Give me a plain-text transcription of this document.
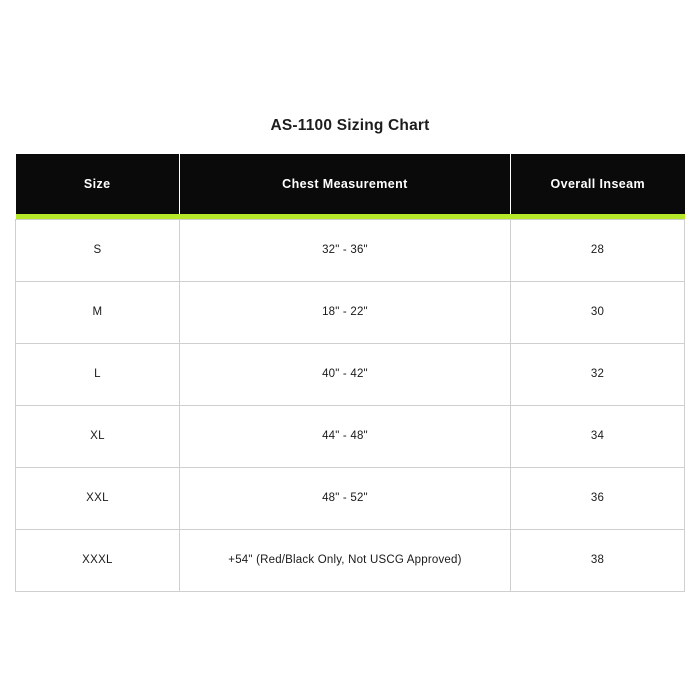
AS-1100 Sizing Chart
Size	Chest Measurement	Overall Inseam

S	32" - 36"	28
M	18" - 22"	30
L	40" - 42"	32
XL	44" - 48"	34
XXL	48" - 52"	36
XXXL	+54" (Red/Black Only, Not USCG Approved)	38
